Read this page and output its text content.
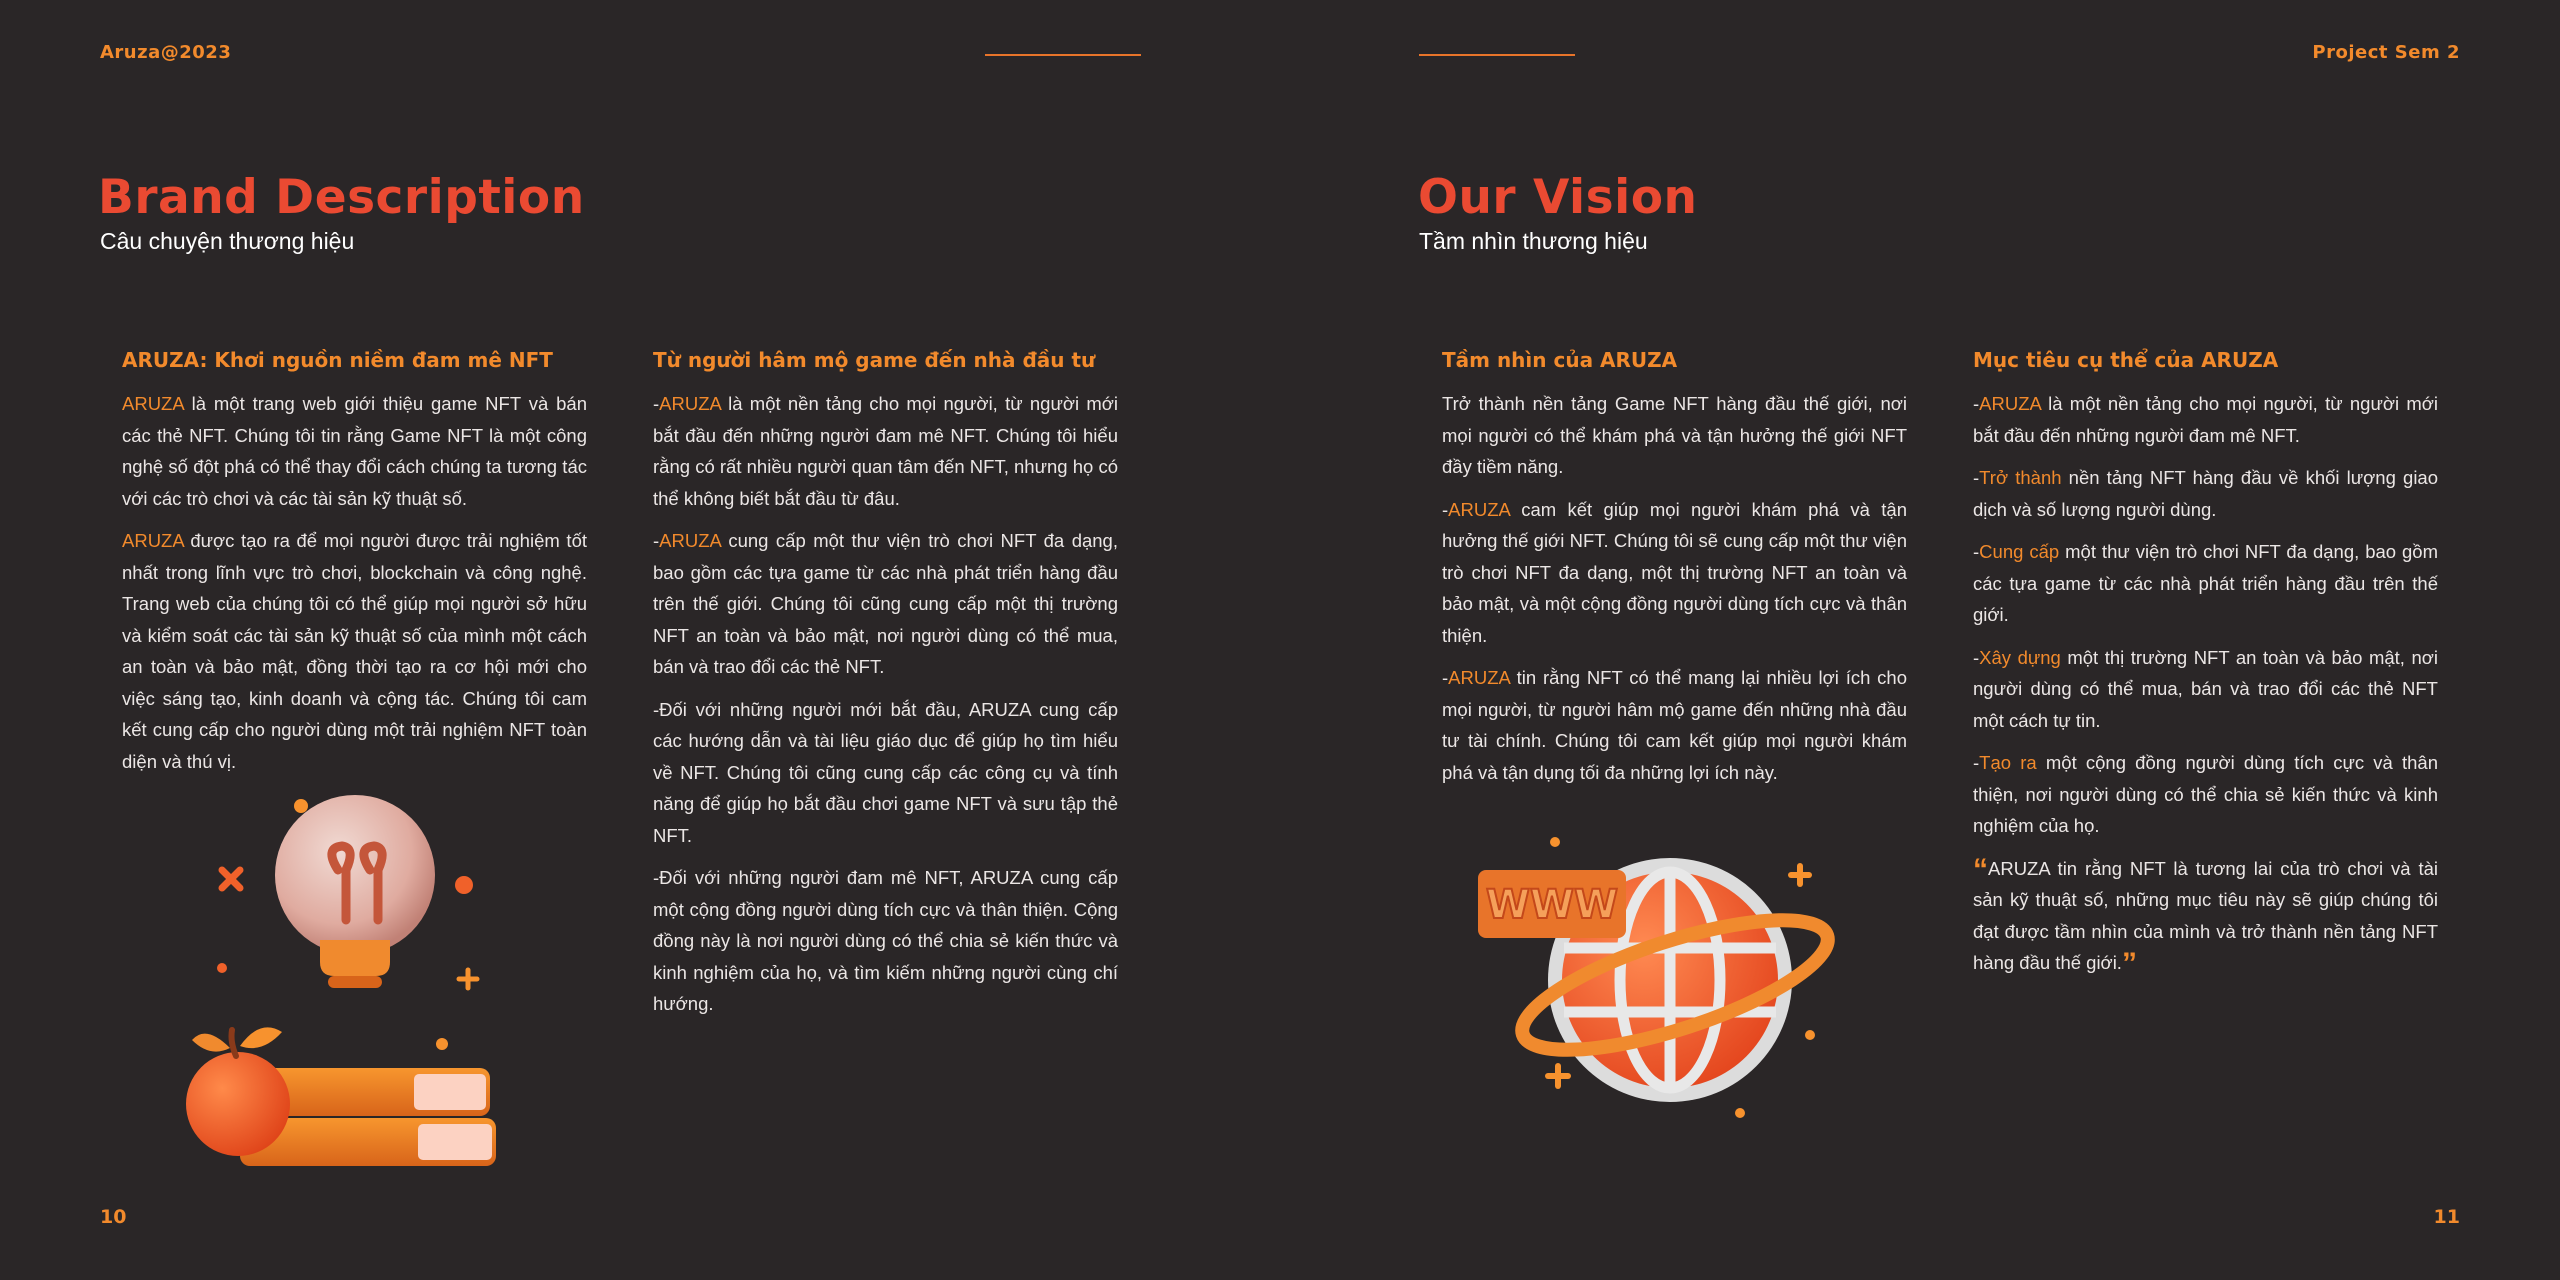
Aruza@2023	Project Sem 2
Brand Description
Câu chuyện thương hiệu
ARUZA: Khơi nguồn niềm đam mê NFT

ARUZA là một trang web giới thiệu game NFT và bán các thẻ NFT. Chúng tôi tin rằng Game NFT là một công nghệ số đột phá có thể thay đổi cách chúng ta tương tác với các trò chơi và các tài sản kỹ thuật số.

ARUZA được tạo ra để mọi người được trải nghiệm tốt nhất trong lĩnh vực trò chơi, blockchain và công nghệ. Trang web của chúng tôi có thể giúp mọi người sở hữu và kiểm soát các tài sản kỹ thuật số của mình một cách an toàn và bảo mật, đồng thời tạo ra cơ hội mới cho việc sáng tạo, kinh doanh và cộng tác. Chúng tôi cam kết cung cấp cho người dùng một trải nghiệm NFT toàn diện và thú vị.

Từ người hâm mộ game đến nhà đầu tư

-ARUZA là một nền tảng cho mọi người, từ người mới bắt đầu đến những người đam mê NFT. Chúng tôi hiểu rằng có rất nhiều người quan tâm đến NFT, nhưng họ có thể không biết bắt đầu từ đâu.

-ARUZA cung cấp một thư viện trò chơi NFT đa dạng, bao gồm các tựa game từ các nhà phát triển hàng đầu trên thế giới. Chúng tôi cũng cung cấp một thị trường NFT an toàn và bảo mật, nơi người dùng có thể mua, bán và trao đổi các thẻ NFT.

-Đối với những người mới bắt đầu, ARUZA cung cấp các hướng dẫn và tài liệu giáo dục để giúp họ tìm hiểu về NFT. Chúng tôi cũng cung cấp các công cụ và tính năng để giúp họ bắt đầu chơi game NFT và sưu tập thẻ NFT.

-Đối với những người đam mê NFT, ARUZA cung cấp một cộng đồng người dùng tích cực và thân thiện. Cộng đồng này là nơi người dùng có thể chia sẻ kiến thức và kinh nghiệm của họ, và tìm kiếm những người cùng chí hướng.

10
Our Vision
Tầm nhìn thương hiệu
Tầm nhìn của ARUZA

Trở thành nền tảng Game NFT hàng đầu thế giới, nơi mọi người có thể khám phá và tận hưởng thế giới NFT đầy tiềm năng.

-ARUZA cam kết giúp mọi người khám phá và tận hưởng thế giới NFT. Chúng tôi sẽ cung cấp một thư viện trò chơi NFT đa dạng, một thị trường NFT an toàn và bảo mật, và một cộng đồng người dùng tích cực và thân thiện.

-ARUZA tin rằng NFT có thể mang lại nhiều lợi ích cho mọi người, từ người hâm mộ game đến những nhà đầu tư tài chính. Chúng tôi cam kết giúp mọi người khám phá và tận dụng tối đa những lợi ích này.

Mục tiêu cụ thể của ARUZA

-ARUZA là một nền tảng cho mọi người, từ người mới bắt đầu đến những người đam mê NFT.

-Trở thành nền tảng NFT hàng đầu về khối lượng giao dịch và số lượng người dùng.

-Cung cấp một thư viện trò chơi NFT đa dạng, bao gồm các tựa game từ các nhà phát triển hàng đầu trên thế giới.

-Xây dựng một thị trường NFT an toàn và bảo mật, nơi người dùng có thể mua, bán và trao đổi các thẻ NFT một cách tự tin.

-Tạo ra một cộng đồng người dùng tích cực và thân thiện, nơi người dùng có thể chia sẻ kiến thức và kinh nghiệm của họ.

“ARUZA tin rằng NFT là tương lai của trò chơi và tài sản kỹ thuật số, những mục tiêu này sẽ giúp chúng tôi đạt được tầm nhìn của mình và trở thành nền tảng NFT hàng đầu thế giới.”

WWW
11
